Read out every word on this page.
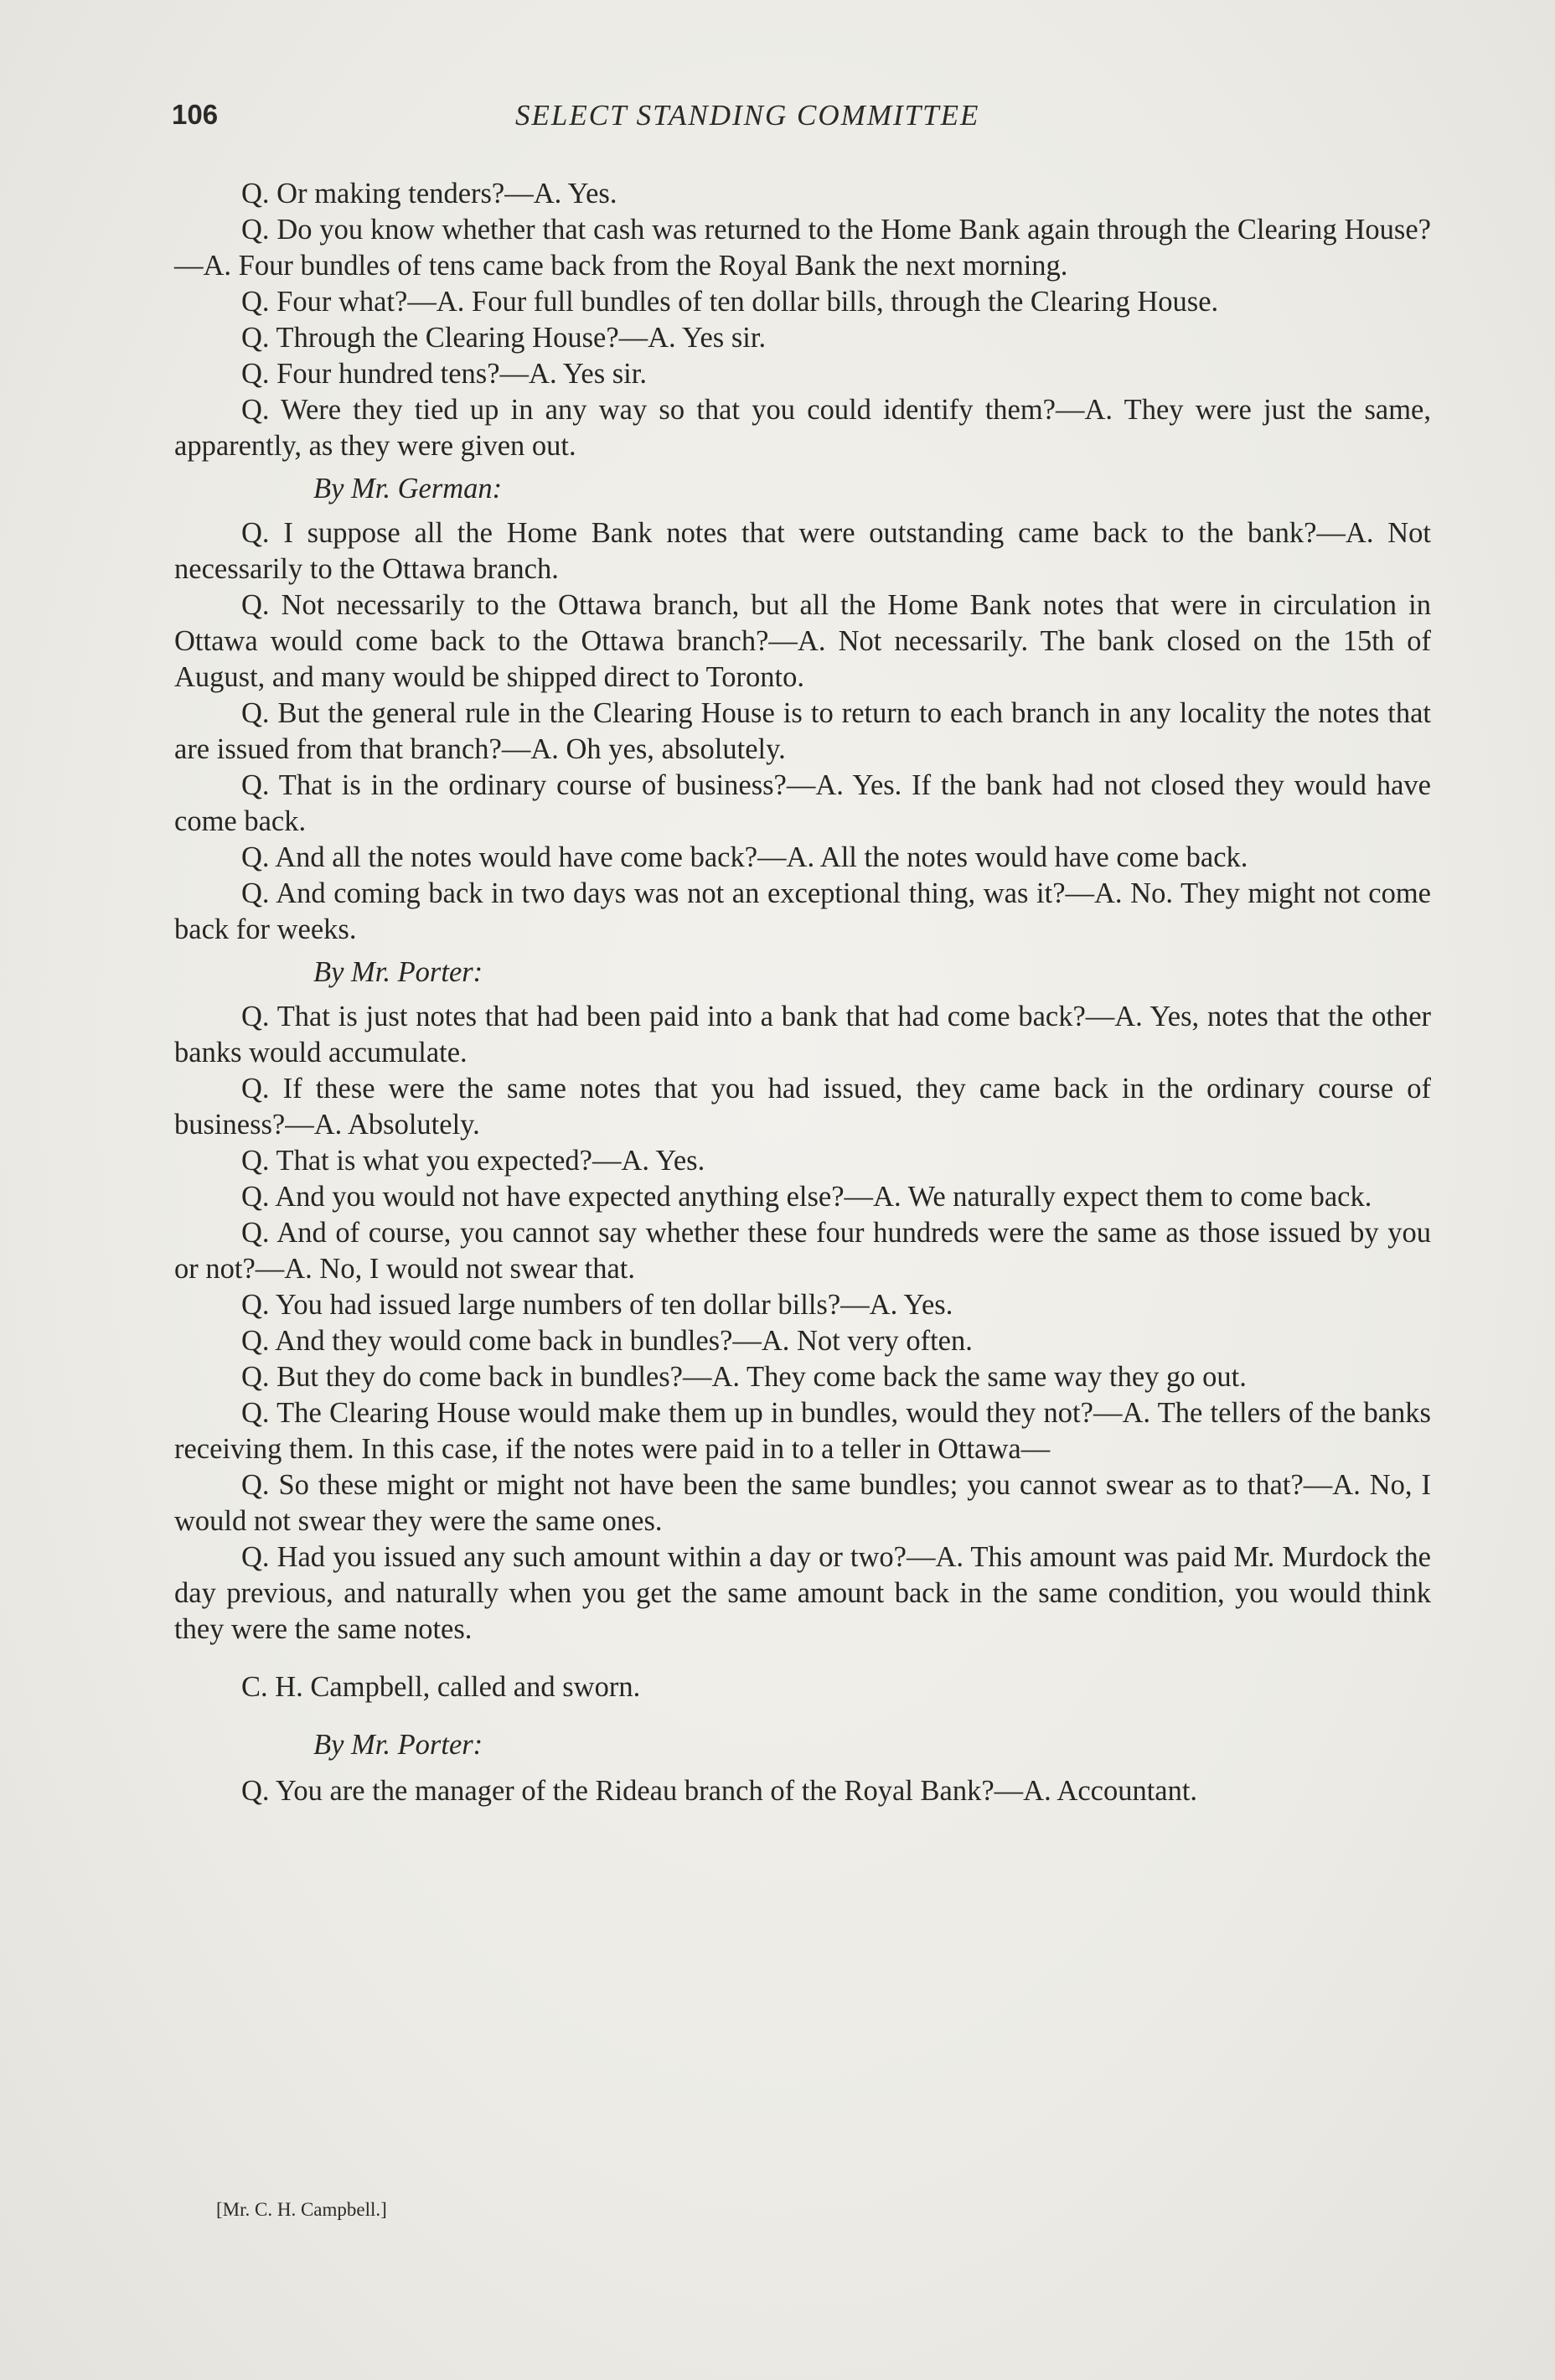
106	SELECT STANDING COMMITTEE

Q. Or making tenders?—A. Yes.

Q. Do you know whether that cash was returned to the Home Bank again through the Clearing House?—A. Four bundles of tens came back from the Royal Bank the next morning.

Q. Four what?—A. Four full bundles of ten dollar bills, through the Clearing House.

Q. Through the Clearing House?—A. Yes sir.

Q. Four hundred tens?—A. Yes sir.

Q. Were they tied up in any way so that you could identify them?—A. They were just the same, apparently, as they were given out.

By Mr. German:

Q. I suppose all the Home Bank notes that were outstanding came back to the bank?—A. Not necessarily to the Ottawa branch.

Q. Not necessarily to the Ottawa branch, but all the Home Bank notes that were in circulation in Ottawa would come back to the Ottawa branch?—A. Not necessarily. The bank closed on the 15th of August, and many would be shipped direct to Toronto.

Q. But the general rule in the Clearing House is to return to each branch in any locality the notes that are issued from that branch?—A. Oh yes, absolutely.

Q. That is in the ordinary course of business?—A. Yes. If the bank had not closed they would have come back.

Q. And all the notes would have come back?—A. All the notes would have come back.

Q. And coming back in two days was not an exceptional thing, was it?—A. No. They might not come back for weeks.

By Mr. Porter:

Q. That is just notes that had been paid into a bank that had come back?—A. Yes, notes that the other banks would accumulate.

Q. If these were the same notes that you had issued, they came back in the ordinary course of business?—A. Absolutely.

Q. That is what you expected?—A. Yes.

Q. And you would not have expected anything else?—A. We naturally expect them to come back.

Q. And of course, you cannot say whether these four hundreds were the same as those issued by you or not?—A. No, I would not swear that.

Q. You had issued large numbers of ten dollar bills?—A. Yes.

Q. And they would come back in bundles?—A. Not very often.

Q. But they do come back in bundles?—A. They come back the same way they go out.

Q. The Clearing House would make them up in bundles, would they not?—A. The tellers of the banks receiving them. In this case, if the notes were paid in to a teller in Ottawa—

Q. So these might or might not have been the same bundles; you cannot swear as to that?—A. No, I would not swear they were the same ones.

Q. Had you issued any such amount within a day or two?—A. This amount was paid Mr. Murdock the day previous, and naturally when you get the same amount back in the same condition, you would think they were the same notes.

C. H. Campbell, called and sworn.

By Mr. Porter:

Q. You are the manager of the Rideau branch of the Royal Bank?—A. Accountant.

[Mr. C. H. Campbell.]
